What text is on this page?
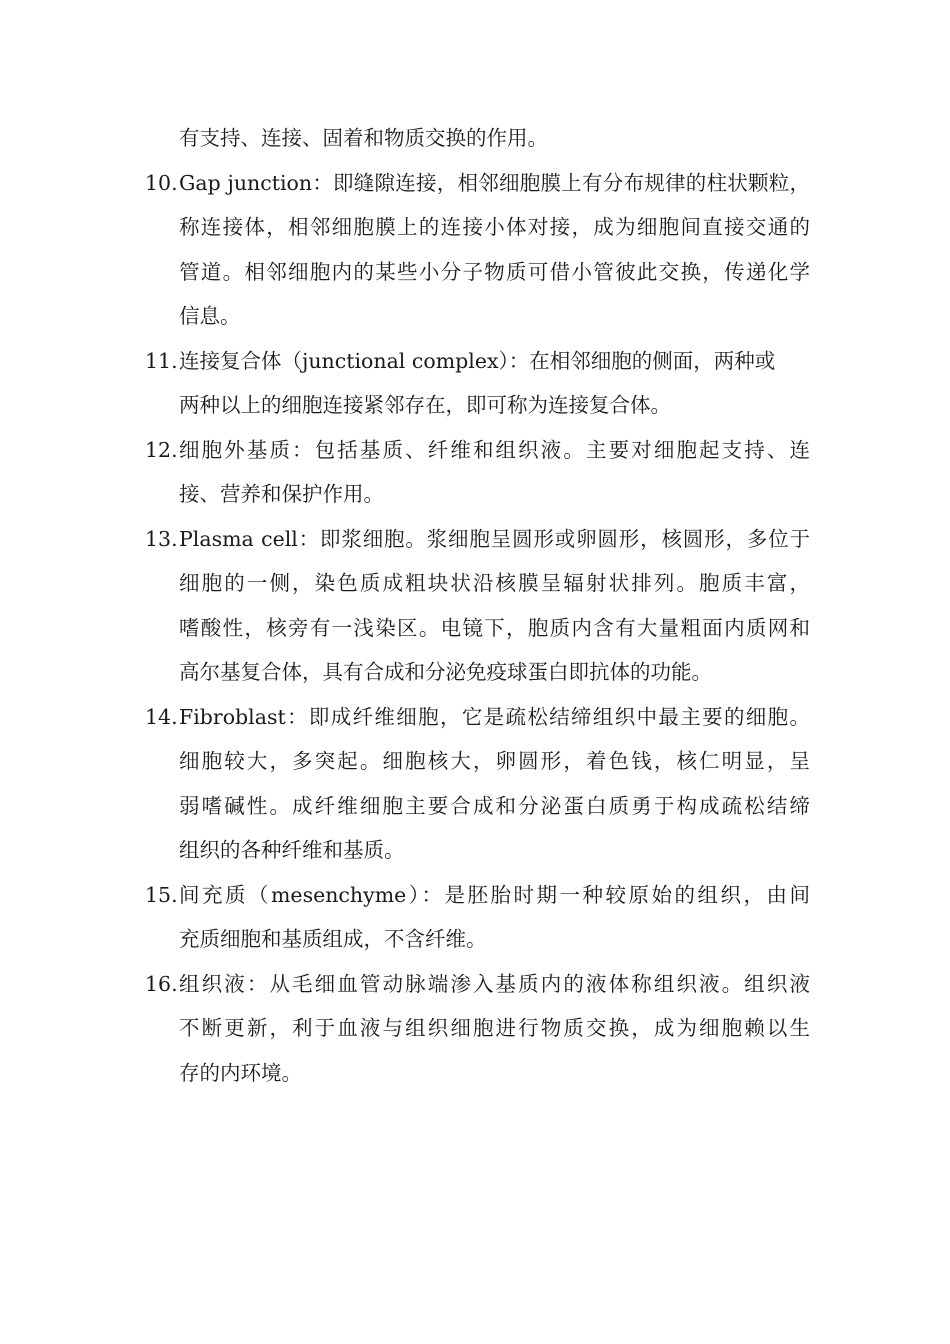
有支持、连接、固着和物质交换的作用。
10. Gap junction：即缝隙连接，相邻细胞膜上有分布规律的柱状颗粒，
称连接体，相邻细胞膜上的连接小体对接，成为细胞间直接交通的
管道。相邻细胞内的某些小分子物质可借小管彼此交换，传递化学
信息。
11. 连接复合体（junctional complex）：在相邻细胞的侧面，两种或
两种以上的细胞连接紧邻存在，即可称为连接复合体。
12. 细胞外基质：包括基质、纤维和组织液。主要对细胞起支持、连
接、营养和保护作用。
13. Plasma cell：即浆细胞。浆细胞呈圆形或卵圆形，核圆形，多位于
细胞的一侧，染色质成粗块状沿核膜呈辐射状排列。胞质丰富，
嗜酸性，核旁有一浅染区。电镜下，胞质内含有大量粗面内质网和
高尔基复合体，具有合成和分泌免疫球蛋白即抗体的功能。
14. Fibroblast：即成纤维细胞，它是疏松结缔组织中最主要的细胞。
细胞较大，多突起。细胞核大，卵圆形，着色钱，核仁明显，呈
弱嗜碱性。成纤维细胞主要合成和分泌蛋白质勇于构成疏松结缔
组织的各种纤维和基质。
15. 间充质（mesenchyme）：是胚胎时期一种较原始的组织，由间
充质细胞和基质组成，不含纤维。
16. 组织液：从毛细血管动脉端渗入基质内的液体称组织液。组织液
不断更新，利于血液与组织细胞进行物质交换，成为细胞赖以生
存的内环境。
